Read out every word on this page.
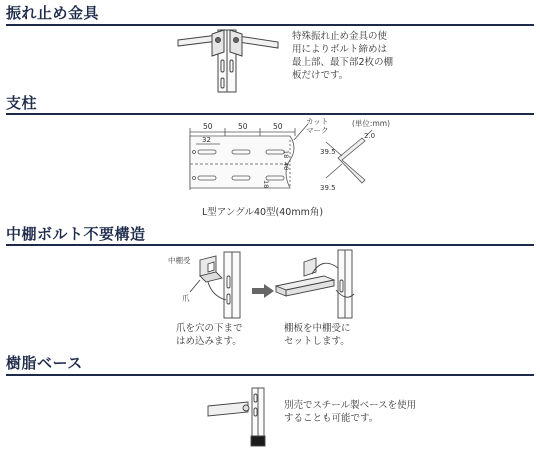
振れ止め金具
特殊振れ止め金具の使
用によりボルト締めは
最上部、最下部2枚の棚
板だけです。
支柱
50	50	50
32
18
40
18
カット
マーク
(単位:mm)
2.0
39.5
39.5
L型アングル40型(40mm角)
中棚ボルト不要構造
中棚受
爪
爪を穴の下まで
はめ込みます。
棚板を中棚受に
セットします。
樹脂ベース
別売でスチール製ベースを使用
することも可能です。
